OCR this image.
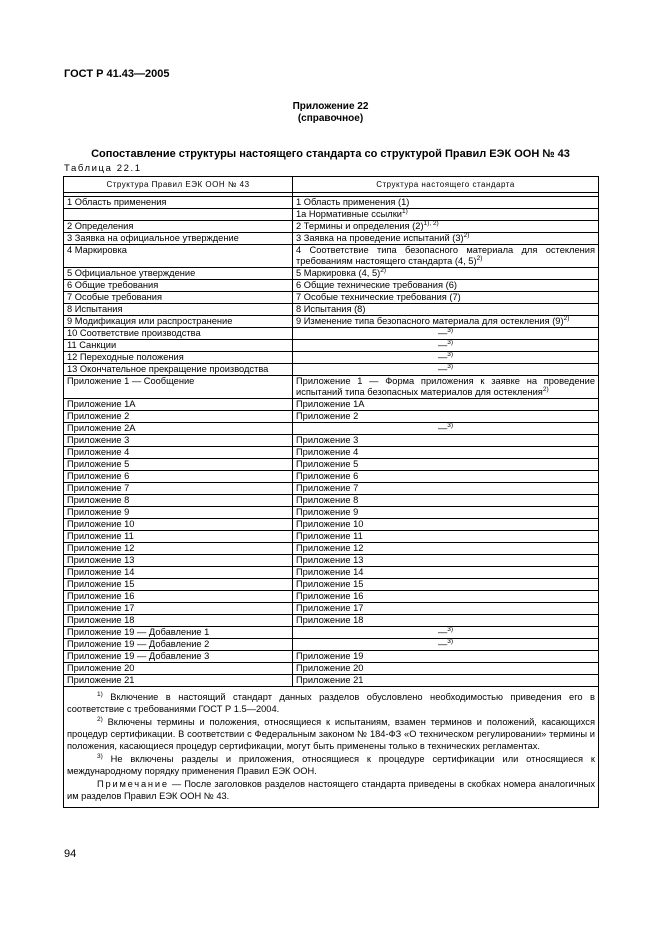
ГОСТ Р 41.43—2005
Приложение 22
(справочное)
Сопоставление структуры настоящего стандарта со структурой Правил ЕЭК ООН № 43
Таблица 22.1
Структура Правил ЕЭК ООН № 43	Структура настоящего стандарта

1 Область применения	1 Область применения (1)
	1а Нормативные ссылки$^{1)}$
2 Определения	2 Термины и определения $(2)^{1), 2)}$
3 Заявка на официальное утверждение	3 Заявка на проведение испытаний $(3)^{2)}$
4 Маркировка	4 Соответствие типа безопасного материала для остекления требованиям настоящего стандарта (4, 5)$^{2)}$
5 Официальное утверждение	5 Маркировка (4, 5)$^{2)}$
6 Общие требования	6 Общие технические требования (6)
7 Особые требования	7 Особые технические требования (7)
8 Испытания	8 Испытания (8)
9 Модификация или распространение	9 Изменение типа безопасного материала для остекления $(9)^{2)}$
10 Соответствие производства	—$^{3)}$
11 Санкции	—$^{3)}$
12 Переходные положения	—$^{3)}$
13 Окончательное прекращение производства	—$^{3)}$
Приложение 1 — Сообщение	Приложение 1 — Форма приложения к заявке на проведение испытаний типа безопасных материалов для остекления$^{2)}$
Приложение 1А	Приложение 1А
Приложение 2	Приложение 2
Приложение 2А	—$^{3)}$
Приложение 3	Приложение 3
Приложение 4	Приложение 4
Приложение 5	Приложение 5
Приложение 6	Приложение 6
Приложение 7	Приложение 7
Приложение 8	Приложение 8
Приложение 9	Приложение 9
Приложение 10	Приложение 10
Приложение 11	Приложение 11
Приложение 12	Приложение 12
Приложение 13	Приложение 13
Приложение 14	Приложение 14
Приложение 15	Приложение 15
Приложение 16	Приложение 16
Приложение 17	Приложение 17
Приложение 18	Приложение 18
Приложение 19 — Добавление 1	—$^{3)}$
Приложение 19 — Добавление 2	—$^{3)}$
Приложение 19 — Добавление 3	Приложение 19
Приложение 20	Приложение 20
Приложение 21	Приложение 21

$^{1)}$ Включение в настоящий стандарт данных разделов обусловлено необходимостью приведения его в соответствие с требованиями ГОСТ Р 1.5—2004.

$^{2)}$ Включены термины и положения, относящиеся к испытаниям, взамен терминов и положений, касающихся процедур сертификации. В соответствии с Федеральным законом № 184-ФЗ «О техническом регулировании» термины и положения, касающиеся процедур сертификации, могут быть применены только в технических регламентах.

$^{3)}$ Не включены разделы и приложения, относящиеся к процедуре сертификации или относящиеся к международному порядку применения Правил ЕЭК ООН.

Примечание — После заголовков разделов настоящего стандарта приведены в скобках номера аналогичных им разделов Правил ЕЭК ООН № 43.	

94
